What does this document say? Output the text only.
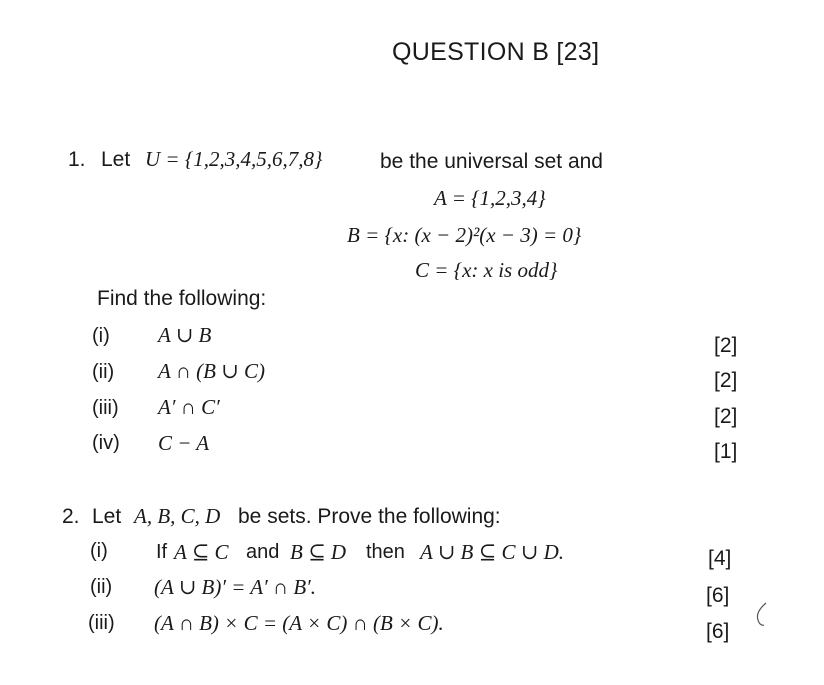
QUESTION B [23]
1. Let U = {1,2,3,4,5,6,7,8}	be the universal set and
A = {1,2,3,4}
B = {x: (x − 2)²(x − 3) = 0}
C = {x: x is odd}
Find the following:
(i) A ∪ B	[2]
(ii) A ∩ (B ∪ C)	[2]
(iii) A′ ∩ C′	[2]
(iv) C − A	[1]
2. Let A, B, C, D be sets. Prove the following:
(i) If A ⊆ C and B ⊆ D then A ∪ B ⊆ C ∪ D.	[4]
(ii) (A ∪ B)′ = A′ ∩ B′.	[6]
(iii) (A ∩ B) × C = (A × C) ∩ (B × C).	[6]
